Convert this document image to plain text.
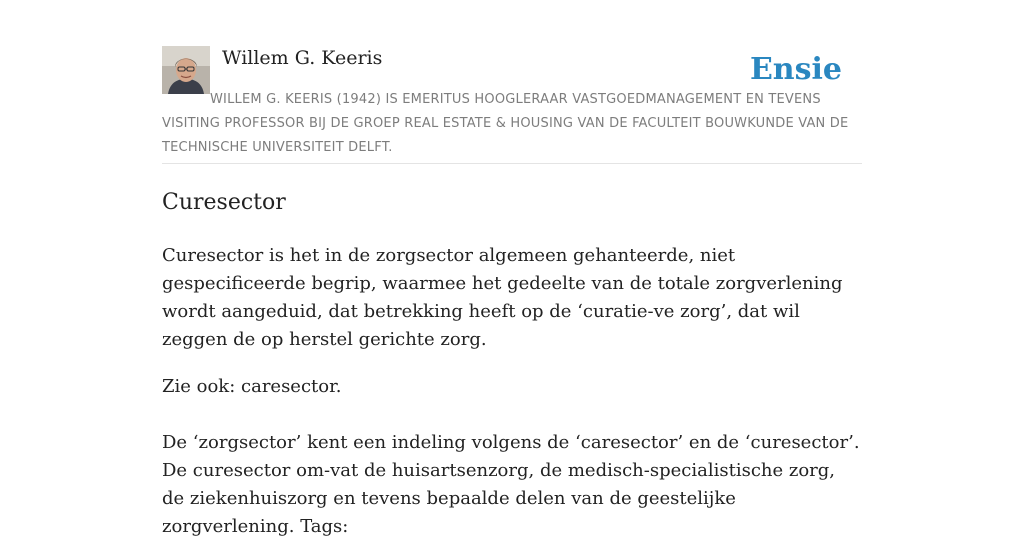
Willem G. Keeris	Ensie
WILLEM G. KEERIS (1942) IS EMERITUS HOOGLERAAR VASTGOEDMANAGEMENT EN TEVENS VISITING PROFESSOR BIJ DE GROEP REAL ESTATE & HOUSING VAN DE FACULTEIT BOUWKUNDE VAN DE TECHNISCHE UNIVERSITEIT DELFT.
Curesector

Curesector is het in de zorgsector algemeen gehanteerde, niet gespecificeerde begrip, waarmee het gedeelte van de totale zorgverlening wordt aangeduid, dat betrekking heeft op de ‘curatie-ve zorg’, dat wil zeggen de op herstel gerichte zorg.

Zie ook: caresector.

De ‘zorgsector’ kent een indeling volgens de ‘caresector’ en de ‘curesector’. De curesector om-vat de huisartsenzorg, de medisch-specialistische zorg, de ziekenhuiszorg en tevens bepaalde delen van de geestelijke zorgverlening. Tags:
